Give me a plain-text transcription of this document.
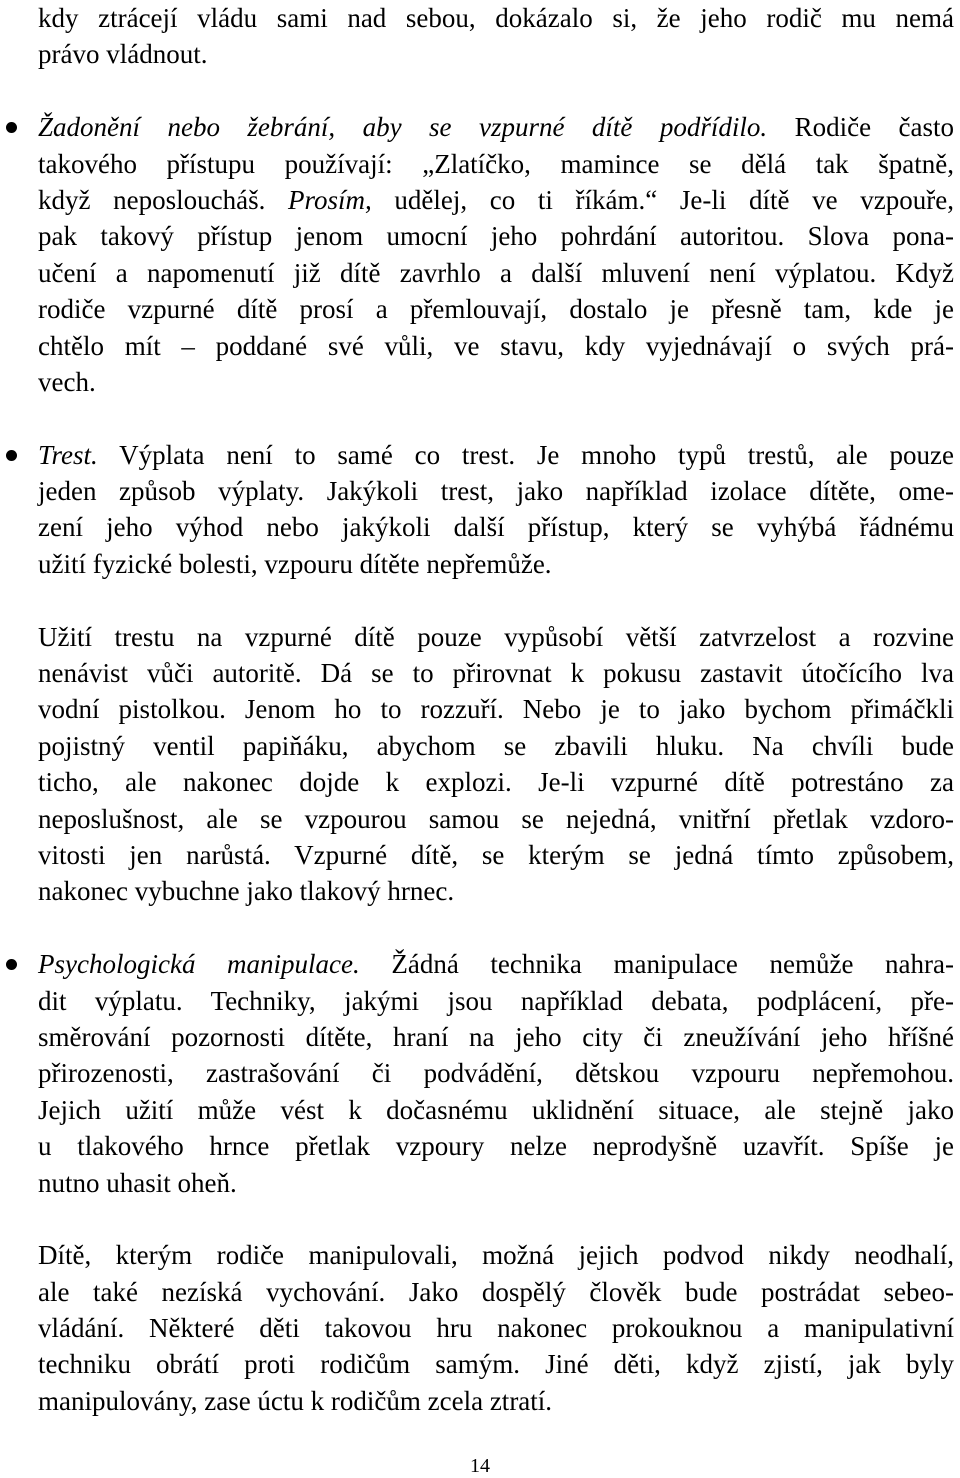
kdy ztrácejí vládu sami nad sebou, dokázalo si, že jeho rodič mu nemá
právo vládnout.
Žadonění nebo žebrání, aby se vzpurné dítě podřídilo. Rodiče často
takového přístupu používají: „Zlatíčko, mamince se dělá tak špatně,
když neposloucháš. Prosím, udělej, co ti říkám.“ Je-li dítě ve vzpouře,
pak takový přístup jenom umocní jeho pohrdání autoritou. Slova pona-
učení a napomenutí již dítě zavrhlo a další mluvení není výplatou. Když
rodiče vzpurné dítě prosí a přemlouvají, dostalo je přesně tam, kde je
chtělo mít – poddané své vůli, ve stavu, kdy vyjednávají o svých prá-
vech.
Trest. Výplata není to samé co trest. Je mnoho typů trestů, ale pouze
jeden způsob výplaty. Jakýkoli trest, jako například izolace dítěte, ome-
zení jeho výhod nebo jakýkoli další přístup, který se vyhýbá řádnému
užití fyzické bolesti, vzpouru dítěte nepřemůže.
Užití trestu na vzpurné dítě pouze vypůsobí větší zatvrzelost a rozvine
nenávist vůči autoritě. Dá se to přirovnat k pokusu zastavit útočícího lva
vodní pistolkou. Jenom ho to rozzuří. Nebo je to jako bychom přimáčkli
pojistný ventil papiňáku, abychom se zbavili hluku. Na chvíli bude
ticho, ale nakonec dojde k explozi. Je-li vzpurné dítě potrestáno za
neposlušnost, ale se vzpourou samou se nejedná, vnitřní přetlak vzdoro-
vitosti jen narůstá. Vzpurné dítě, se kterým se jedná tímto způsobem,
nakonec vybuchne jako tlakový hrnec.
Psychologická manipulace. Žádná technika manipulace nemůže nahra-
dit výplatu. Techniky, jakými jsou například debata, podplácení, pře-
směrování pozornosti dítěte, hraní na jeho city či zneužívání jeho hříšné
přirozenosti, zastrašování či podvádění, dětskou vzpouru nepřemohou.
Jejich užití může vést k dočasnému uklidnění situace, ale stejně jako
u tlakového hrnce přetlak vzpoury nelze neprodyšně uzavřít. Spíše je
nutno uhasit oheň.
Dítě, kterým rodiče manipulovali, možná jejich podvod nikdy neodhalí,
ale také nezíská vychování. Jako dospělý člověk bude postrádat sebeo-
vládání. Některé děti takovou hru nakonec prokouknou a manipulativní
techniku obrátí proti rodičům samým. Jiné děti, když zjistí, jak byly
manipulovány, zase úctu k rodičům zcela ztratí.
14
